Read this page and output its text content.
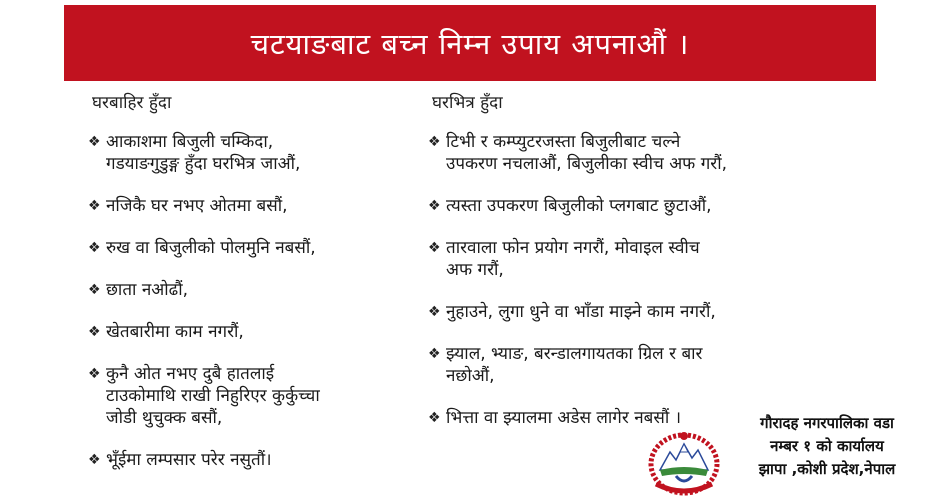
चटयाङबाट बच्न निम्न उपाय अपनाऔं ।
घरबाहिर हुँदा
❖ आकाशमा बिजुली चम्किदा,
गडयाङगुडुङ्ग हुँदा घरभित्र जाऔं,
❖ नजिकै घर नभए ओतमा बसौं,
❖ रुख वा बिजुलीको पोलमुनि नबसौं,
❖ छाता नओढौं,
❖ खेतबारीमा काम नगरौं,
❖ कुनै ओत नभए दुबै हातलाई
टाउकोमाथि राखी निहुरिएर कुर्कुच्चा
जोडी थुचुक्क बसौं,
❖ भूँईमा लम्पसार परेर नसुतौं।
घरभित्र हुँदा
❖ टिभी र कम्प्युटरजस्ता बिजुलीबाट चल्ने
उपकरण नचलाऔं, बिजुलीका स्वीच अफ गरौं,
❖ त्यस्ता उपकरण बिजुलीको प्लगबाट छुटाऔं,
❖ तारवाला फोन प्रयोग नगरौं, मोवाइल स्वीच
अफ गरौं,
❖ नुहाउने, लुगा धुने वा भाँडा माझ्ने काम नगरौं,
❖ झ्याल, भ्याङ, बरन्डालगायतका ग्रिल र बार
नछोऔं,
❖ भित्ता वा झ्यालमा अडेस लागेर नबसौं ।	गौरादह नगरपालिका वडा
नम्बर १ को कार्यालय
झापा ,कोशी प्रदेश,नेपाल
